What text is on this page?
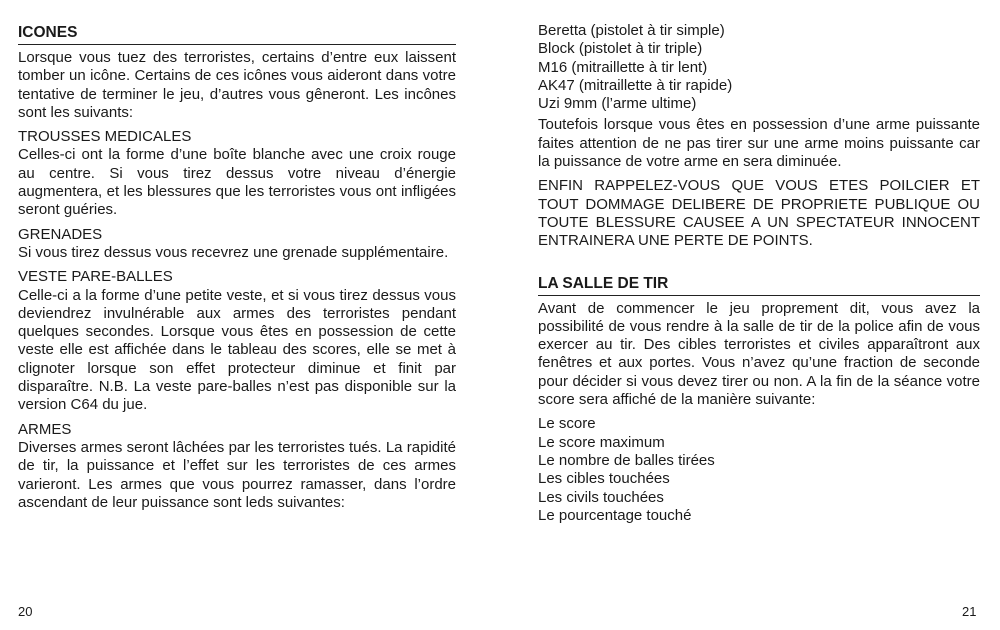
ICONES

Lorsque vous tuez des terroristes, certains d’entre eux laissent tomber un icône. Certains de ces icônes vous aideront dans votre tentative de terminer le jeu, d’autres vous gêneront. Les incônes sont les suivants:

TROUSSES MEDICALES

Celles-ci ont la forme d’une boîte blanche avec une croix rouge au centre. Si vous tirez dessus votre niveau d’énergie augmentera, et les blessures que les terroristes vous ont infligées seront guéries.

GRENADES

Si vous tirez dessus vous recevrez une grenade supplémentaire.

VESTE PARE-BALLES

Celle-ci a la forme d’une petite veste, et si vous tirez dessus vous deviendrez invulnérable aux armes des terroristes pendant quelques secondes. Lorsque vous êtes en possession de cette veste elle est affichée dans le tableau des scores, elle se met à clignoter lorsque son effet protecteur diminue et finit par disparaître. N.B. La veste pare-balles n’est pas disponible sur la version C64 du jue.

ARMES

Diverses armes seront lâchées par les terroristes tués. La rapidité de tir, la puissance et l’effet sur les terroristes de ces armes varieront. Les armes que vous pourrez ramasser, dans l’ordre ascendant de leur puissance sont leds suivantes:

20
Beretta (pistolet à tir simple)
Block (pistolet à tir triple)
M16 (mitraillette à tir lent)
AK47 (mitraillette à tir rapide)
Uzi 9mm (l’arme ultime)

Toutefois lorsque vous êtes en possession d’une arme puissante faites attention de ne pas tirer sur une arme moins puissante car la puissance de votre arme en sera diminuée.

ENFIN RAPPELEZ-VOUS QUE VOUS ETES POILCIER ET TOUT DOMMAGE DELIBERE DE PROPRIETE PUBLIQUE OU TOUTE BLESSURE CAUSEE A UN SPECTATEUR INNOCENT ENTRAINERA UNE PERTE DE POINTS.

LA SALLE DE TIR

Avant de commencer le jeu proprement dit, vous avez la possibilité de vous rendre à la salle de tir de la police afin de vous exercer au tir. Des cibles terroristes et civiles apparaîtront aux fenêtres et aux portes. Vous n’avez qu’une fraction de seconde pour décider si vous devez tirer ou non. A la fin de la séance votre score sera affiché de la manière suivante:

Le score
Le score maximum
Le nombre de balles tirées
Les cibles touchées
Les civils touchées
Le pourcentage touché
21
